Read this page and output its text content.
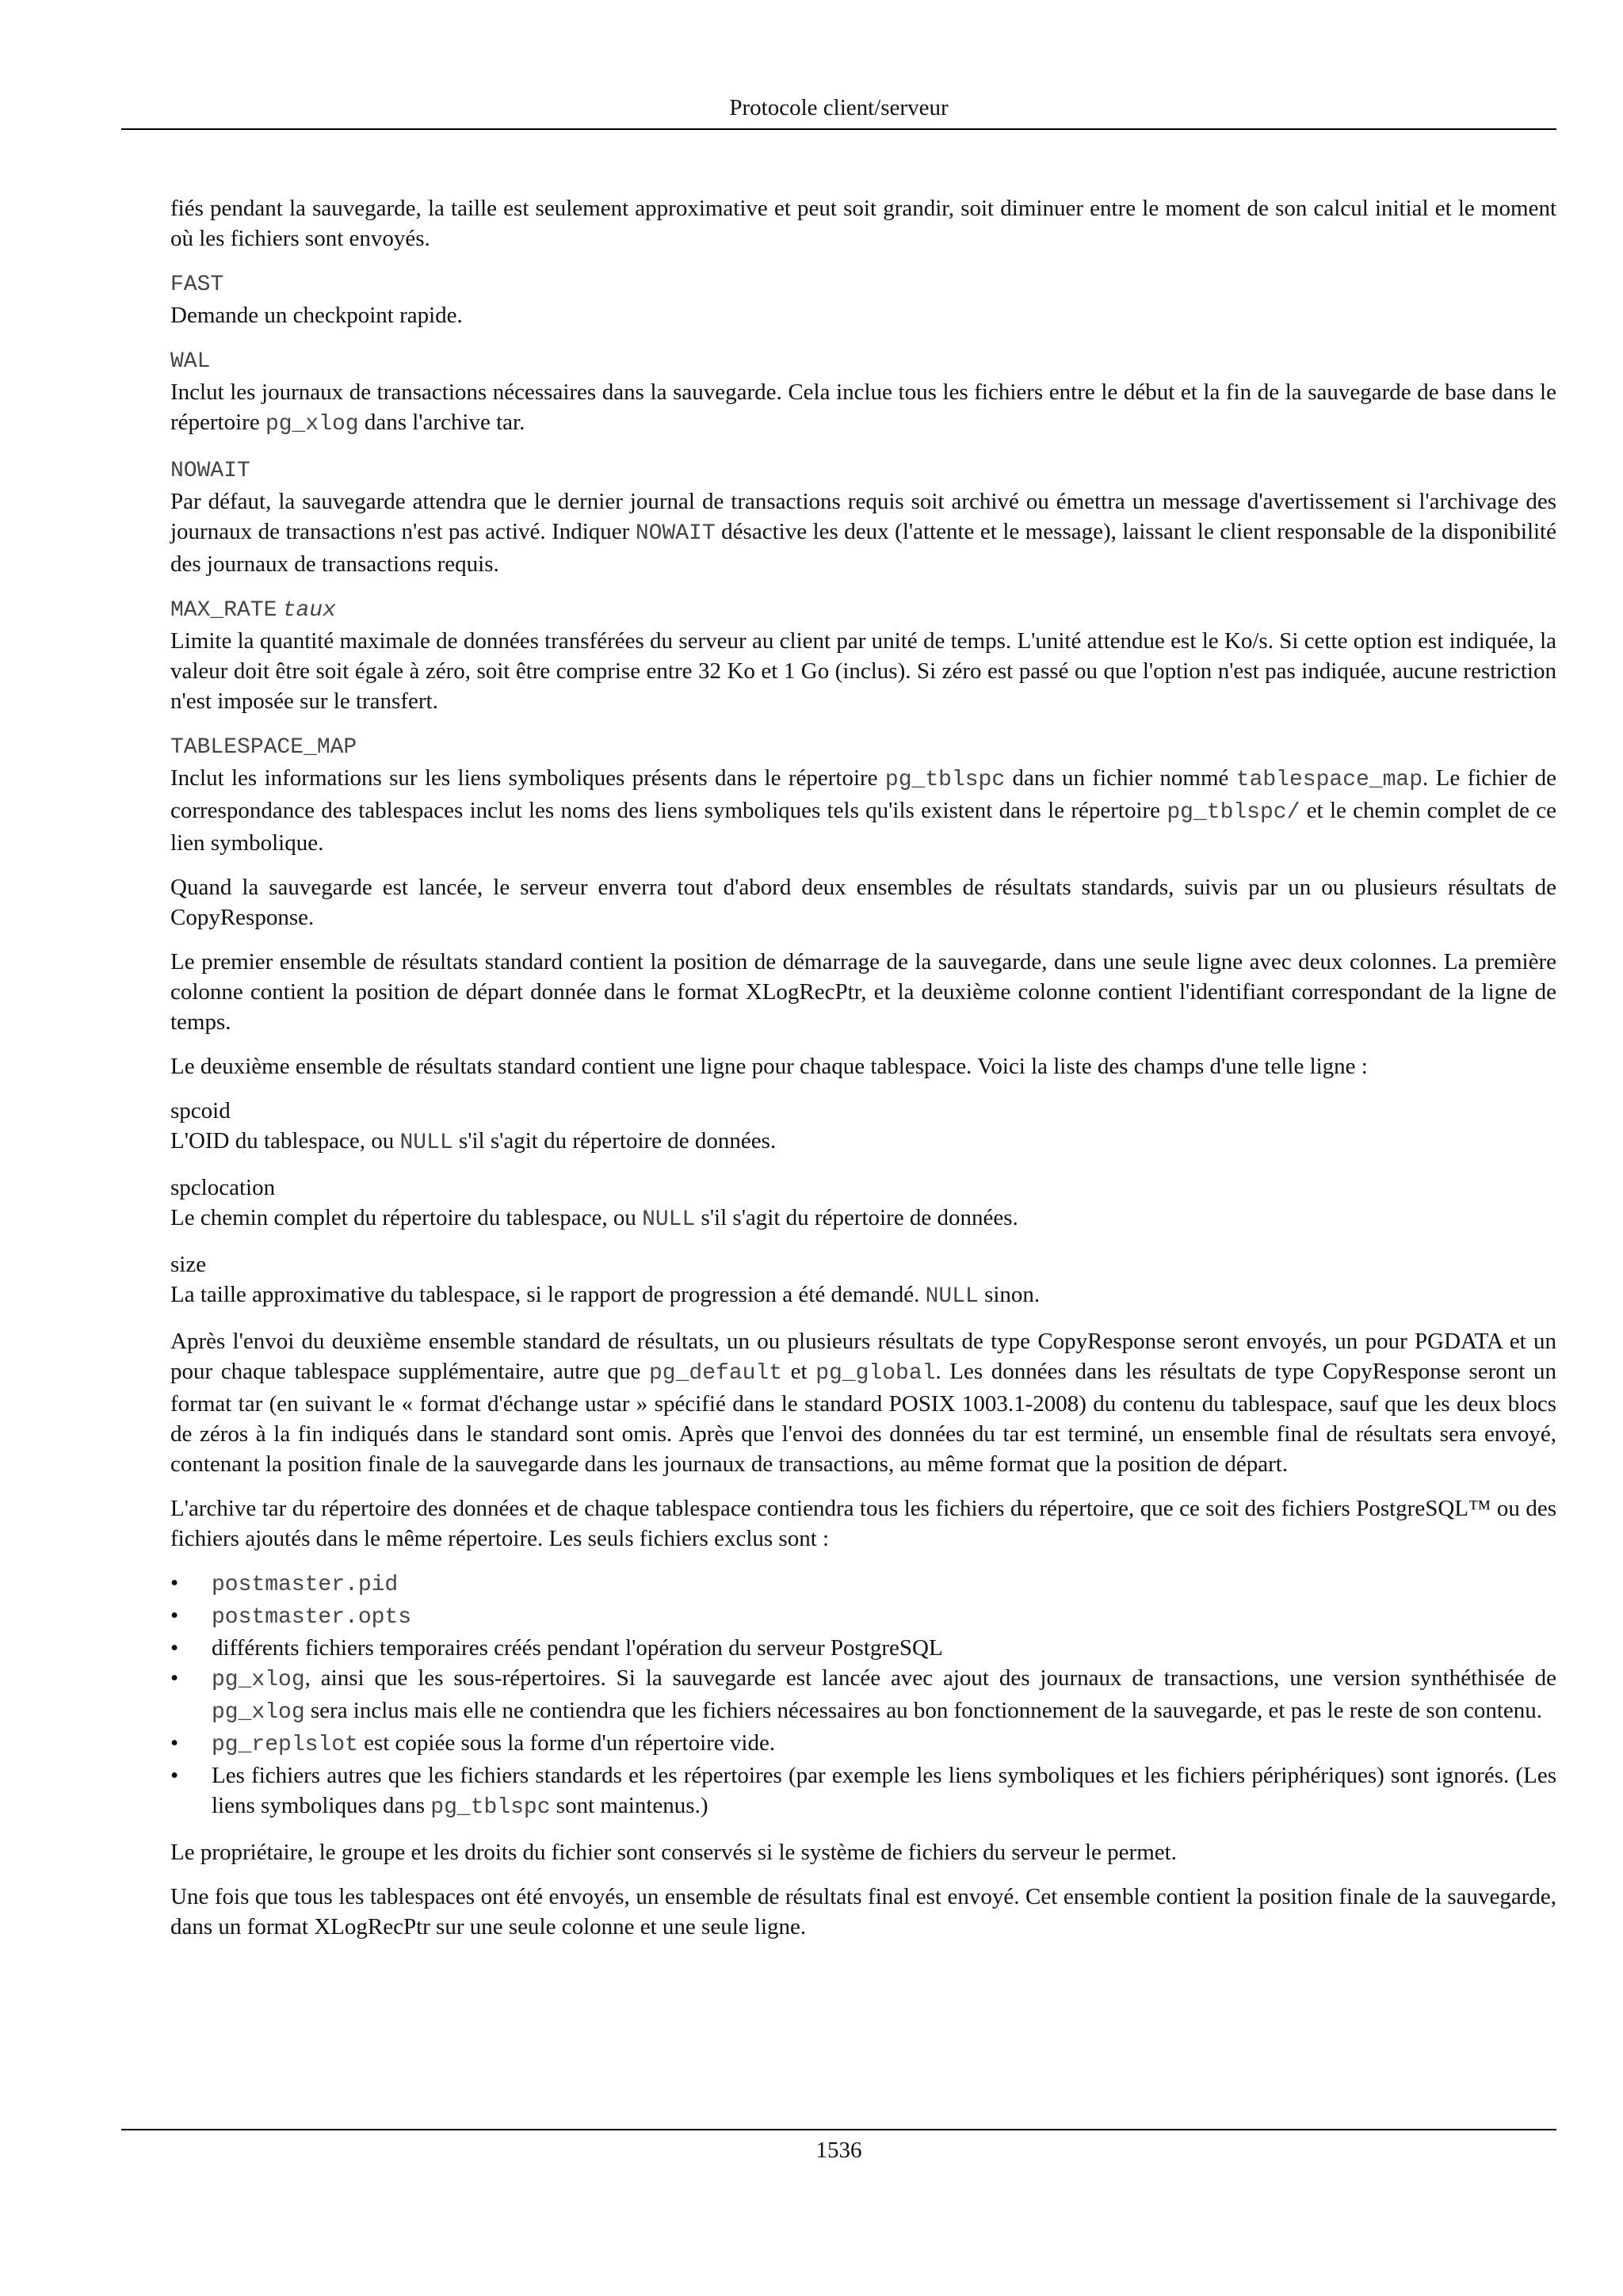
Protocole client/serveur

fiés pendant la sauvegarde, la taille est seulement approximative et peut soit grandir, soit diminuer entre le moment de son calcul initial et le moment où les fichiers sont envoyés.

FAST
Demande un checkpoint rapide.
WAL
Inclut les journaux de transactions nécessaires dans la sauvegarde. Cela inclue tous les fichiers entre le début et la fin de la sauvegarde de base dans le répertoire pg_xlog dans l'archive tar.
NOWAIT
Par défaut, la sauvegarde attendra que le dernier journal de transactions requis soit archivé ou émettra un message d'avertissement si l'archivage des journaux de transactions n'est pas activé. Indiquer NOWAIT désactive les deux (l'attente et le message), laissant le client responsable de la disponibilité des journaux de transactions requis.
MAX_RATE taux
Limite la quantité maximale de données transférées du serveur au client par unité de temps. L'unité attendue est le Ko/s. Si cette option est indiquée, la valeur doit être soit égale à zéro, soit être comprise entre 32 Ko et 1 Go (inclus). Si zéro est passé ou que l'option n'est pas indiquée, aucune restriction n'est imposée sur le transfert.
TABLESPACE_MAP
Inclut les informations sur les liens symboliques présents dans le répertoire pg_tblspc dans un fichier nommé tablespace_map. Le fichier de correspondance des tablespaces inclut les noms des liens symboliques tels qu'ils existent dans le répertoire pg_tblspc/ et le chemin complet de ce lien symbolique.

Quand la sauvegarde est lancée, le serveur enverra tout d'abord deux ensembles de résultats standards, suivis par un ou plusieurs résultats de CopyResponse.

Le premier ensemble de résultats standard contient la position de démarrage de la sauvegarde, dans une seule ligne avec deux colonnes. La première colonne contient la position de départ donnée dans le format XLogRecPtr, et la deuxième colonne contient l'identifiant correspondant de la ligne de temps.

Le deuxième ensemble de résultats standard contient une ligne pour chaque tablespace. Voici la liste des champs d'une telle ligne :

spcoid
L'OID du tablespace, ou NULL s'il s'agit du répertoire de données.
spclocation
Le chemin complet du répertoire du tablespace, ou NULL s'il s'agit du répertoire de données.
size
La taille approximative du tablespace, si le rapport de progression a été demandé. NULL sinon.

Après l'envoi du deuxième ensemble standard de résultats, un ou plusieurs résultats de type CopyResponse seront envoyés, un pour PGDATA et un pour chaque tablespace supplémentaire, autre que pg_default et pg_global. Les données dans les résultats de type CopyResponse seront un format tar (en suivant le « format d'échange ustar » spécifié dans le standard POSIX 1003.1-2008) du contenu du tablespace, sauf que les deux blocs de zéros à la fin indiqués dans le standard sont omis. Après que l'envoi des données du tar est terminé, un ensemble final de résultats sera envoyé, contenant la position finale de la sauvegarde dans les journaux de transactions, au même format que la position de départ.

L'archive tar du répertoire des données et de chaque tablespace contiendra tous les fichiers du répertoire, que ce soit des fichiers PostgreSQL™ ou des fichiers ajoutés dans le même répertoire. Les seuls fichiers exclus sont :

• postmaster.pid
• postmaster.opts
• différents fichiers temporaires créés pendant l'opération du serveur PostgreSQL
• pg_xlog, ainsi que les sous-répertoires. Si la sauvegarde est lancée avec ajout des journaux de transactions, une version synthéthisée de pg_xlog sera inclus mais elle ne contiendra que les fichiers nécessaires au bon fonctionnement de la sauvegarde, et pas le reste de son contenu.
• pg_replslot est copiée sous la forme d'un répertoire vide.
• Les fichiers autres que les fichiers standards et les répertoires (par exemple les liens symboliques et les fichiers périphériques) sont ignorés. (Les liens symboliques dans pg_tblspc sont maintenus.)

Le propriétaire, le groupe et les droits du fichier sont conservés si le système de fichiers du serveur le permet.

Une fois que tous les tablespaces ont été envoyés, un ensemble de résultats final est envoyé. Cet ensemble contient la position finale de la sauvegarde, dans un format XLogRecPtr sur une seule colonne et une seule ligne.

1536
